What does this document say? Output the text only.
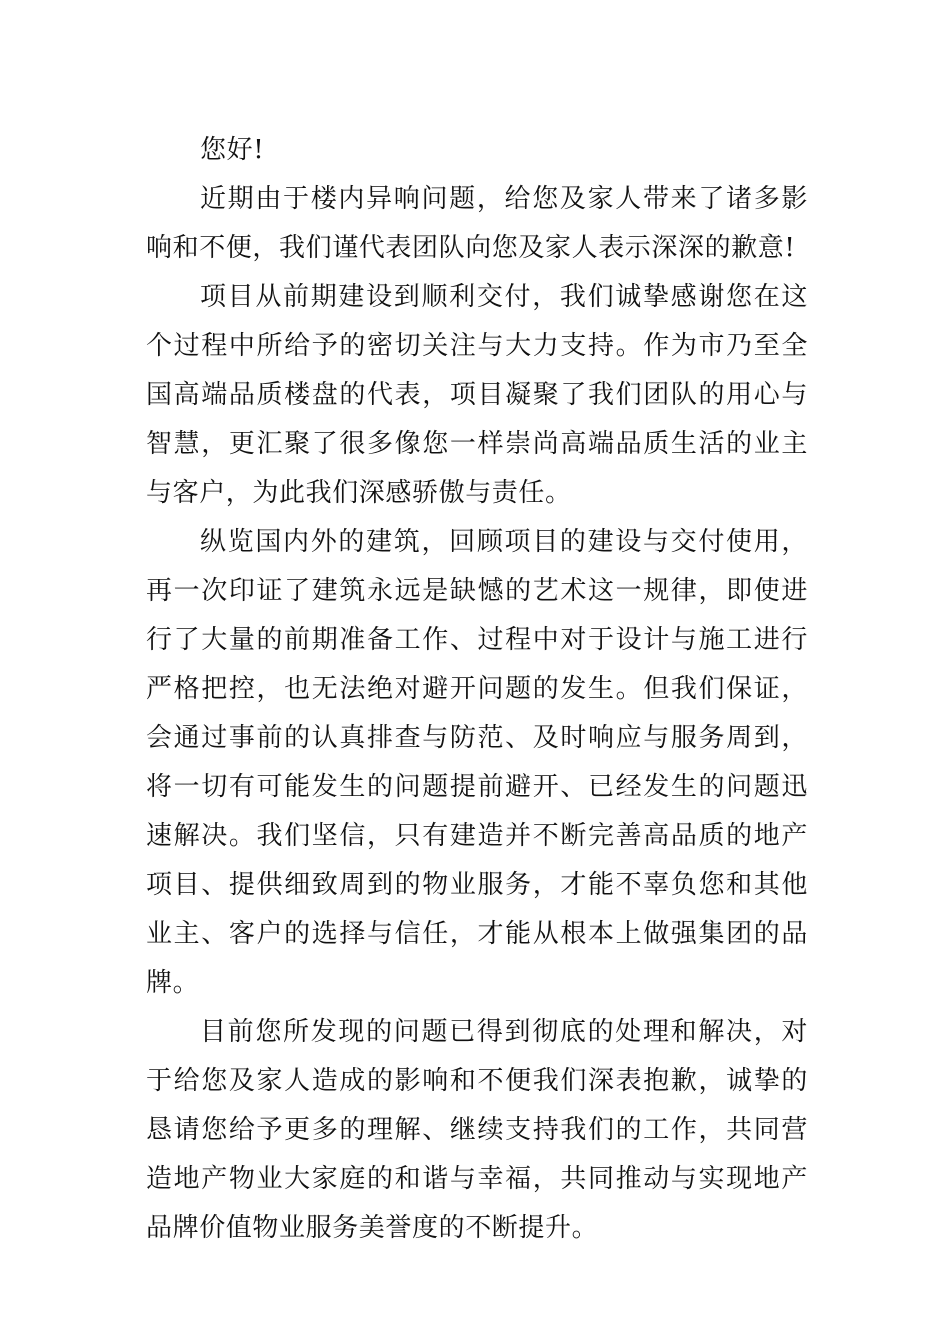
您好!

近期由于楼内异响问题，给您及家人带来了诸多影响和不便，我们谨代表团队向您及家人表示深深的歉意!

项目从前期建设到顺利交付，我们诚挚感谢您在这个过程中所给予的密切关注与大力支持。作为市乃至全国高端品质楼盘的代表，项目凝聚了我们团队的用心与智慧，更汇聚了很多像您一样崇尚高端品质生活的业主与客户，为此我们深感骄傲与责任。

纵览国内外的建筑，回顾项目的建设与交付使用，再一次印证了建筑永远是缺憾的艺术这一规律，即使进行了大量的前期准备工作、过程中对于设计与施工进行严格把控，也无法绝对避开问题的发生。但我们保证，会通过事前的认真排查与防范、及时响应与服务周到，将一切有可能发生的问题提前避开、已经发生的问题迅速解决。我们坚信，只有建造并不断完善高品质的地产项目、提供细致周到的物业服务，才能不辜负您和其他业主、客户的选择与信任，才能从根本上做强集团的品牌。

目前您所发现的问题已得到彻底的处理和解决，对于给您及家人造成的影响和不便我们深表抱歉，诚挚的恳请您给予更多的理解、继续支持我们的工作，共同营造地产物业大家庭的和谐与幸福，共同推动与实现地产品牌价值物业服务美誉度的不断提升。
